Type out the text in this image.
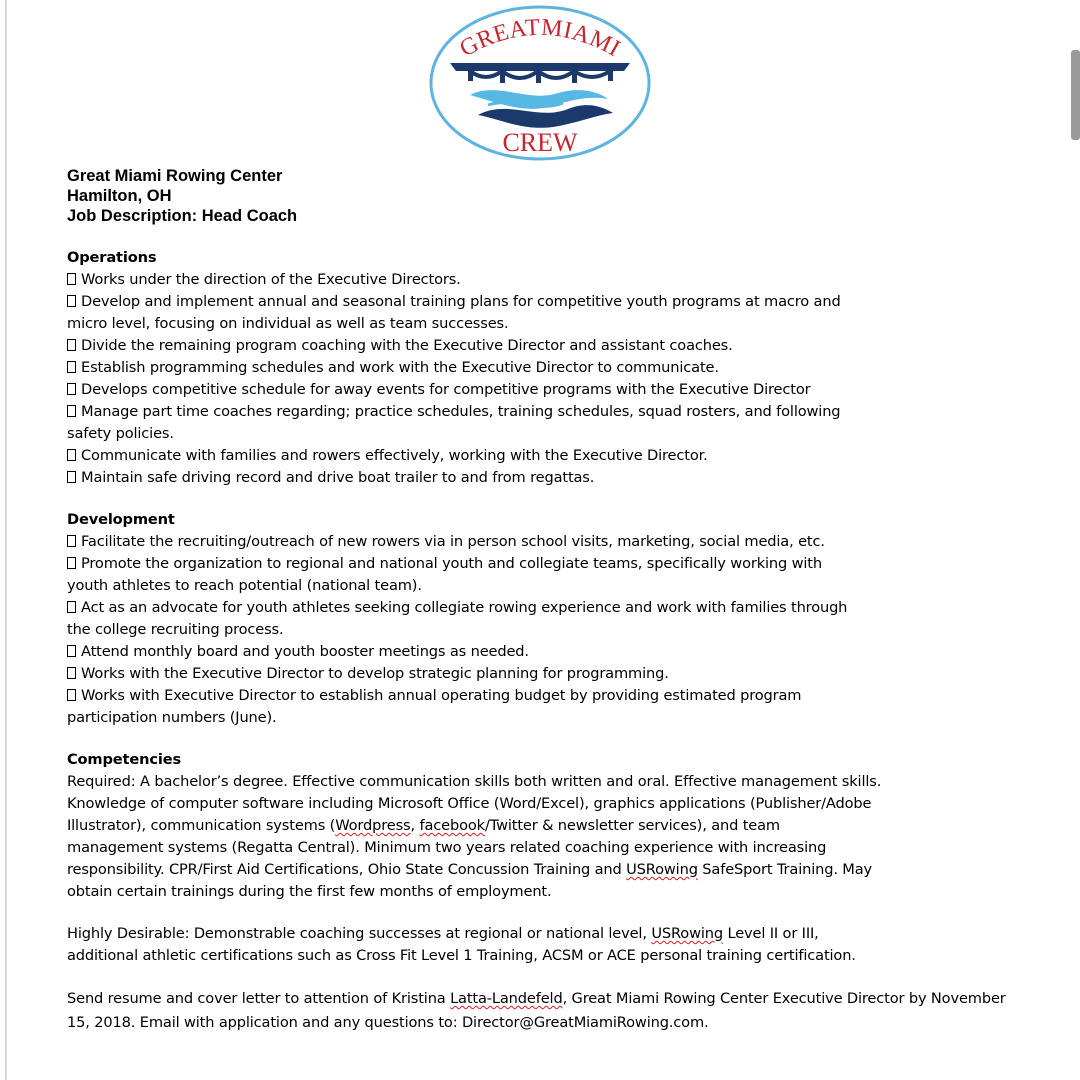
GREATMIAMI
CREW
Great Miami Rowing Center
Hamilton, OH
Job Description: Head Coach
Operations
Works under the direction of the Executive Directors.
Develop and implement annual and seasonal training plans for competitive youth programs at macro and
micro level, focusing on individual as well as team successes.
Divide the remaining program coaching with the Executive Director and assistant coaches.
Establish programming schedules and work with the Executive Director to communicate.
Develops competitive schedule for away events for competitive programs with the Executive Director
Manage part time coaches regarding; practice schedules, training schedules, squad rosters, and following
safety policies.
Communicate with families and rowers effectively, working with the Executive Director.
Maintain safe driving record and drive boat trailer to and from regattas.
Development
Facilitate the recruiting/outreach of new rowers via in person school visits, marketing, social media, etc.
Promote the organization to regional and national youth and collegiate teams, specifically working with
youth athletes to reach potential (national team).
Act as an advocate for youth athletes seeking collegiate rowing experience and work with families through
the college recruiting process.
Attend monthly board and youth booster meetings as needed.
Works with the Executive Director to develop strategic planning for programming.
Works with Executive Director to establish annual operating budget by providing estimated program
participation numbers (June).
Competencies

Required: A bachelor’s degree. Effective communication skills both written and oral. Effective management skills.
Knowledge of computer software including Microsoft Office (Word/Excel), graphics applications (Publisher/Adobe
Illustrator), communication systems (Wordpress, facebook/Twitter & newsletter services), and team
management systems (Regatta Central). Minimum two years related coaching experience with increasing
responsibility. CPR/First Aid Certifications, Ohio State Concussion Training and USRowing SafeSport Training. May
obtain certain trainings during the first few months of employment.

Highly Desirable: Demonstrable coaching successes at regional or national level, USRowing Level II or III,
additional athletic certifications such as Cross Fit Level 1 Training, ACSM or ACE personal training certification.

Send resume and cover letter to attention of Kristina Latta-Landefeld, Great Miami Rowing Center Executive Director by November
15, 2018. Email with application and any questions to: Director@GreatMiamiRowing.com.
